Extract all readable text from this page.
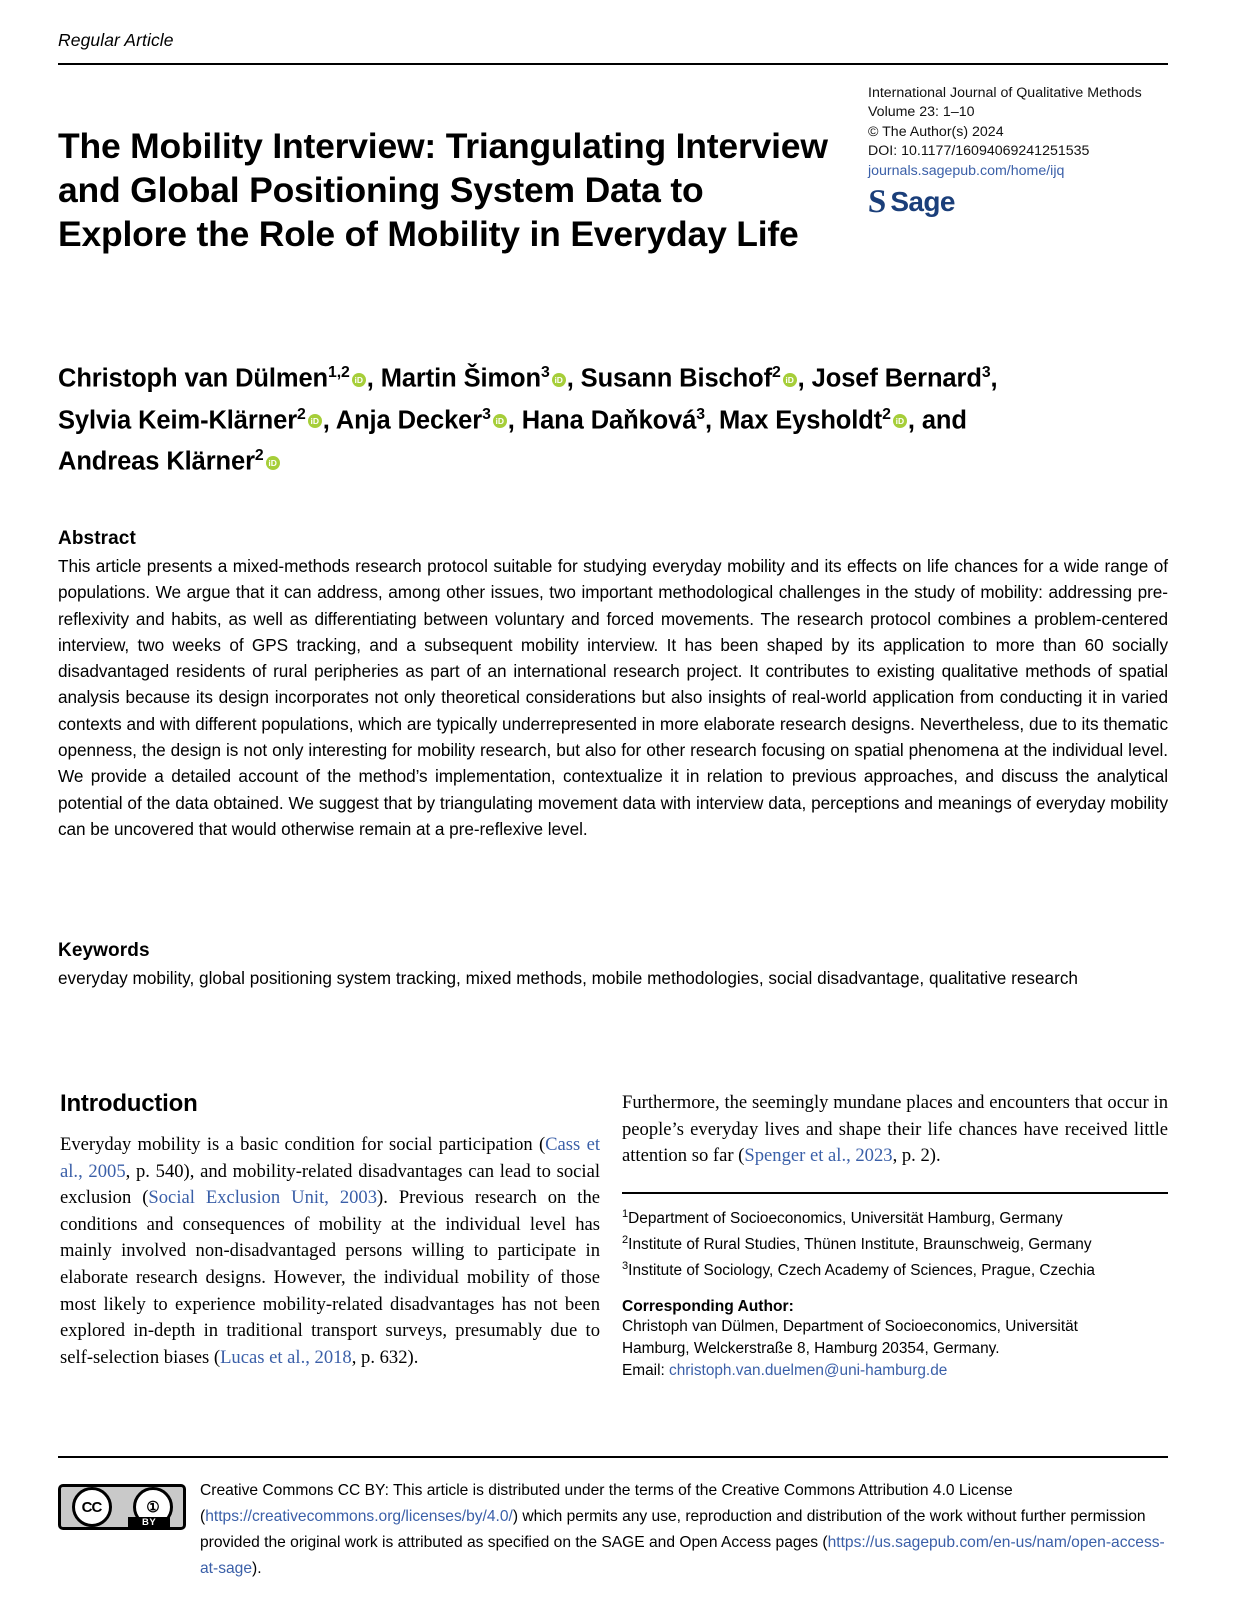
Regular Article
The Mobility Interview: Triangulating Interview and Global Positioning System Data to Explore the Role of Mobility in Everyday Life
International Journal of Qualitative Methods
Volume 23: 1–10
© The Author(s) 2024
DOI: 10.1177/16094069241251535
journals.sagepub.com/home/ijq
S Sage
Christoph van Dülmen$^{1,2}$ iD , Martin Šimon$^3$ iD , Susann Bischof$^2$ iD , Josef Bernard$^3$, Sylvia Keim-Klärner$^2$ iD , Anja Decker$^3$ iD , Hana Daňková$^3$, Max Eysholdt$^2$ iD , and Andreas Klärner$^2$ iD
Abstract

This article presents a mixed-methods research protocol suitable for studying everyday mobility and its effects on life chances for a wide range of populations. We argue that it can address, among other issues, two important methodological challenges in the study of mobility: addressing pre-reflexivity and habits, as well as differentiating between voluntary and forced movements. The research protocol combines a problem-centered interview, two weeks of GPS tracking, and a subsequent mobility interview. It has been shaped by its application to more than 60 socially disadvantaged residents of rural peripheries as part of an international research project. It contributes to existing qualitative methods of spatial analysis because its design incorporates not only theoretical considerations but also insights of real-world application from conducting it in varied contexts and with different populations, which are typically underrepresented in more elaborate research designs. Nevertheless, due to its thematic openness, the design is not only interesting for mobility research, but also for other research focusing on spatial phenomena at the individual level. We provide a detailed account of the method’s implementation, contextualize it in relation to previous approaches, and discuss the analytical potential of the data obtained. We suggest that by triangulating movement data with interview data, perceptions and meanings of everyday mobility can be uncovered that would otherwise remain at a pre-reflexive level.

Keywords

everyday mobility, global positioning system tracking, mixed methods, mobile methodologies, social disadvantage, qualitative research

Introduction

Everyday mobility is a basic condition for social participation (Cass et al., 2005, p. 540), and mobility-related disadvantages can lead to social exclusion (Social Exclusion Unit, 2003). Previous research on the conditions and consequences of mobility at the individual level has mainly involved non-disadvantaged persons willing to participate in elaborate research designs. However, the individual mobility of those most likely to experience mobility-related disadvantages has not been explored in-depth in traditional transport surveys, presumably due to self-selection biases (Lucas et al., 2018, p. 632).

Furthermore, the seemingly mundane places and encounters that occur in people’s everyday lives and shape their life chances have received little attention so far (Spenger et al., 2023, p. 2).

$^1$Department of Socioeconomics, Universität Hamburg, Germany
$^2$Institute of Rural Studies, Thünen Institute, Braunschweig, Germany
$^3$Institute of Sociology, Czech Academy of Sciences, Prague, Czechia
Corresponding Author:
Christoph van Dülmen, Department of Socioeconomics, Universität
Hamburg, Welckerstraße 8, Hamburg 20354, Germany.
Email: christoph.van.duelmen@uni-hamburg.de
CC	①
BY
Creative Commons CC BY: This article is distributed under the terms of the Creative Commons Attribution 4.0 License (https://creativecommons.org/licenses/by/4.0/) which permits any use, reproduction and distribution of the work without further permission provided the original work is attributed as specified on the SAGE and Open Access pages (https://us.sagepub.com/en-us/nam/open-access-at-sage).
